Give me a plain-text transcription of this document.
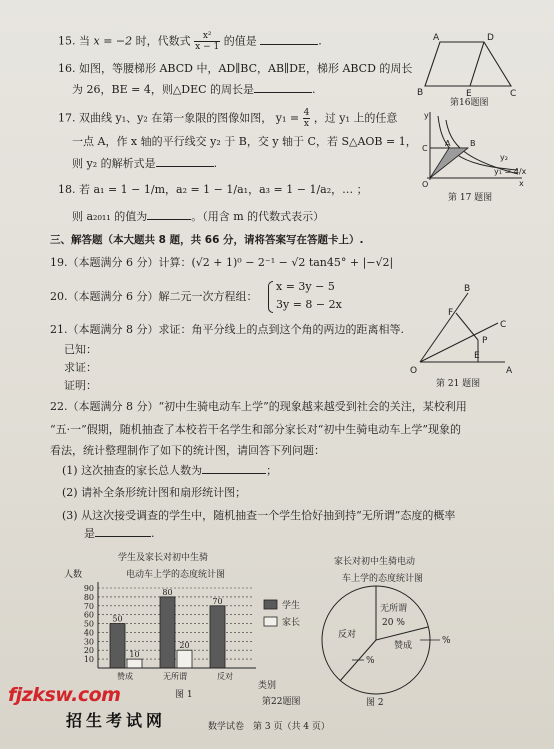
15. 当 x = −2 时，代数式 $\frac{\text{x²}}{x - 1}$ 的值是	.
16. 如图，等腰梯形 ABCD 中，AD∥BC，AB∥DE，梯形 ABCD 的周长
为 26，BE = 4，则△DEC 的周长是	.
17. 双曲线 y₁、y₂ 在第一象限的图像如图， $y_1 = \frac{4}{x}$ ，过 y₁ 上的任意
一点 A，作 x 轴的平行线交 y₂ 于 B，交 y 轴于 C，若 S△AOB = 1，
则 y₂ 的解析式是	.
18. 若 a₁ = 1 − 1/m，a₂ = 1 − 1/a₁，a₃ = 1 − 1/a₂，… ；
则 a₂₀₁₁ 的值为	。（用含 m 的代数式表示）
三、解答题（本大题共 8 题，共 66 分，请将答案写在答题卡上）.
19.（本题满分 6 分）计算：(√2 + 1)⁰ − 2⁻¹ − √2 tan45° + |−√2|
20.（本题满分 6 分）解二元一次方程组：
x = 3y − 5
3y = 8 − 2x
21.（本题满分 8 分）求证：角平分线上的点到这个角的两边的距离相等.
已知：
求证：
证明：
22.（本题满分 8 分）“初中生骑电动车上学”的现象越来越受到社会的关注，某校利用
“五·一”假期，随机抽查了本校若干名学生和部分家长对“初中生骑电动车上学”现象的
看法，统计整理制作了如下的统计图，请回答下列问题：
(1) 这次抽查的家长总人数为	；
(2) 请补全条形统计图和扇形统计图；
(3) 从这次接受调查的学生中，随机抽查一个学生恰好抽到持“无所谓”态度的概率
是	.
A	D
B	E	C
第16题图
y
x
O
C
A B
y₂
y₁ = 4/x
第 17 题图
O	A
B
C
F
P
E
第 21 题图
学生及家长对初中生骑
电动车上学的态度统计图
人数
类别
图 1
10
20
30
40
50
60
70
80
90
50
10
80
20
70
赞成	无所谓	反对
学生
家长
家长对初中生骑电动
车上学的态度统计图
无所谓
20 %
反对
赞成	%
%
图 2
第22题图
fjzksw.com
招生考试网	数学试卷　第 3 页（共 4 页）
